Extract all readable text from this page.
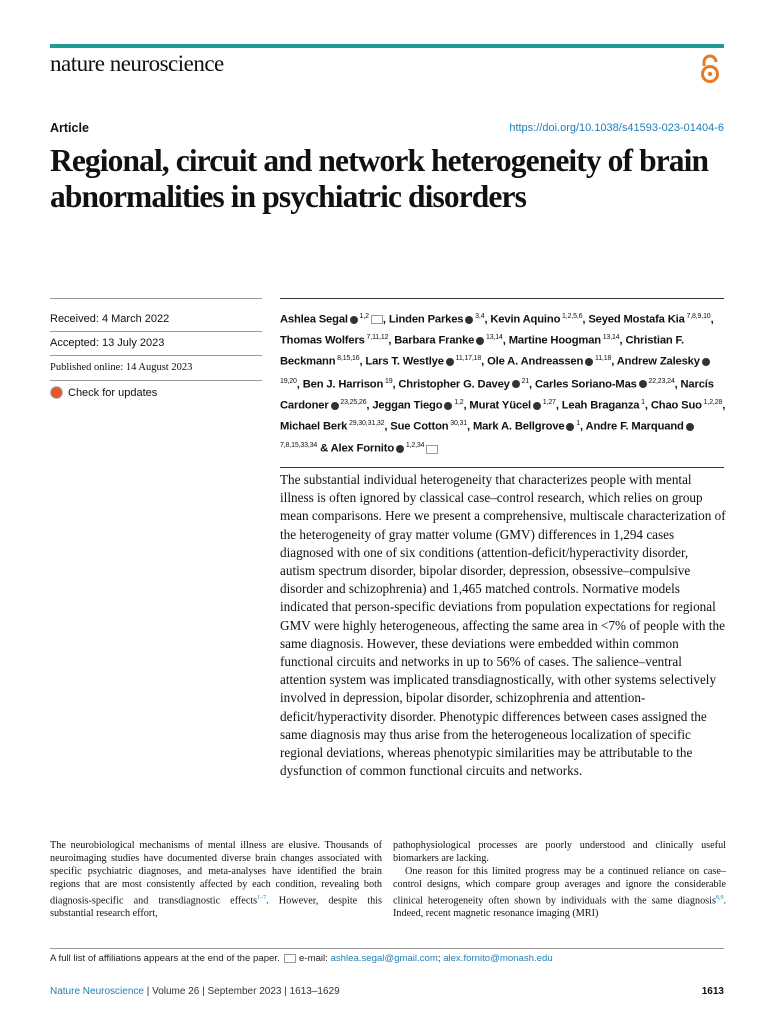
nature neuroscience
Article	https://doi.org/10.1038/s41593-023-01404-6
Regional, circuit and network heterogeneity of brain abnormalities in psychiatric disorders
Received: 4 March 2022
Accepted: 13 July 2023
Published online: 14 August 2023
Check for updates
Ashlea Segal $^{1,2}$ , Linden Parkes $^{3,4}$, Kevin Aquino $^{1,2,5,6}$, Seyed Mostafa Kia $^{7,8,9,10}$, Thomas Wolfers $^{7,11,12}$, Barbara Franke $^{13,14}$, Martine Hoogman $^{13,14}$, Christian F. Beckmann $^{8,15,16}$, Lars T. Westlye $^{11,17,18}$, Ole A. Andreassen $^{11,18}$, Andrew Zalesky $^{19,20}$, Ben J. Harrison $^{19}$, Christopher G. Davey $^{21}$, Carles Soriano-Mas $^{22,23,24}$, Narcís Cardoner $^{23,25,26}$, Jeggan Tiego $^{1,2}$, Murat Yücel $^{1,27}$, Leah Braganza $^1$, Chao Suo $^{1,2,28}$, Michael Berk $^{29,30,31,32}$, Sue Cotton $^{30,31}$, Mark A. Bellgrove $^1$, Andre F. Marquand $^{7,8,15,33,34}$ & Alex Fornito $^{1,2,34}$
The substantial individual heterogeneity that characterizes people with mental illness is often ignored by classical case–control research, which relies on group mean comparisons. Here we present a comprehensive, multiscale characterization of the heterogeneity of gray matter volume (GMV) differences in 1,294 cases diagnosed with one of six conditions (attention-deficit/hyperactivity disorder, autism spectrum disorder, bipolar disorder, depression, obsessive–compulsive disorder and schizophrenia) and 1,465 matched controls. Normative models indicated that person-specific deviations from population expectations for regional GMV were highly heterogeneous, affecting the same area in <7% of people with the same diagnosis. However, these deviations were embedded within common functional circuits and networks in up to 56% of cases. The salience–ventral attention system was implicated transdiagnostically, with other systems selectively involved in depression, bipolar disorder, schizophrenia and attention-deficit/hyperactivity disorder. Phenotypic differences between cases assigned the same diagnosis may thus arise from the heterogeneous localization of specific regional deviations, whereas phenotypic similarities may be attributable to the dysfunction of common functional circuits and networks.

The neurobiological mechanisms of mental illness are elusive. Thousands of neuroimaging studies have documented diverse brain changes associated with specific psychiatric diagnoses, and meta-analyses have identified the brain regions that are most consistently affected by each condition, revealing both diagnosis-specific and transdiagnostic effects$^{1-7}$. However, despite this substantial research effort,

pathophysiological processes are poorly understood and clinically useful biomarkers are lacking.

One reason for this limited progress may be a continued reliance on case–control designs, which compare group averages and ignore the considerable clinical heterogeneity often shown by individuals with the same diagnosis$^{8,9}$. Indeed, recent magnetic resonance imaging (MRI)

A full list of affiliations appears at the end of the paper. e-mail: ashlea.segal@gmail.com; alex.fornito@monash.edu
Nature Neuroscience | Volume 26 | September 2023 | 1613–1629	1613
